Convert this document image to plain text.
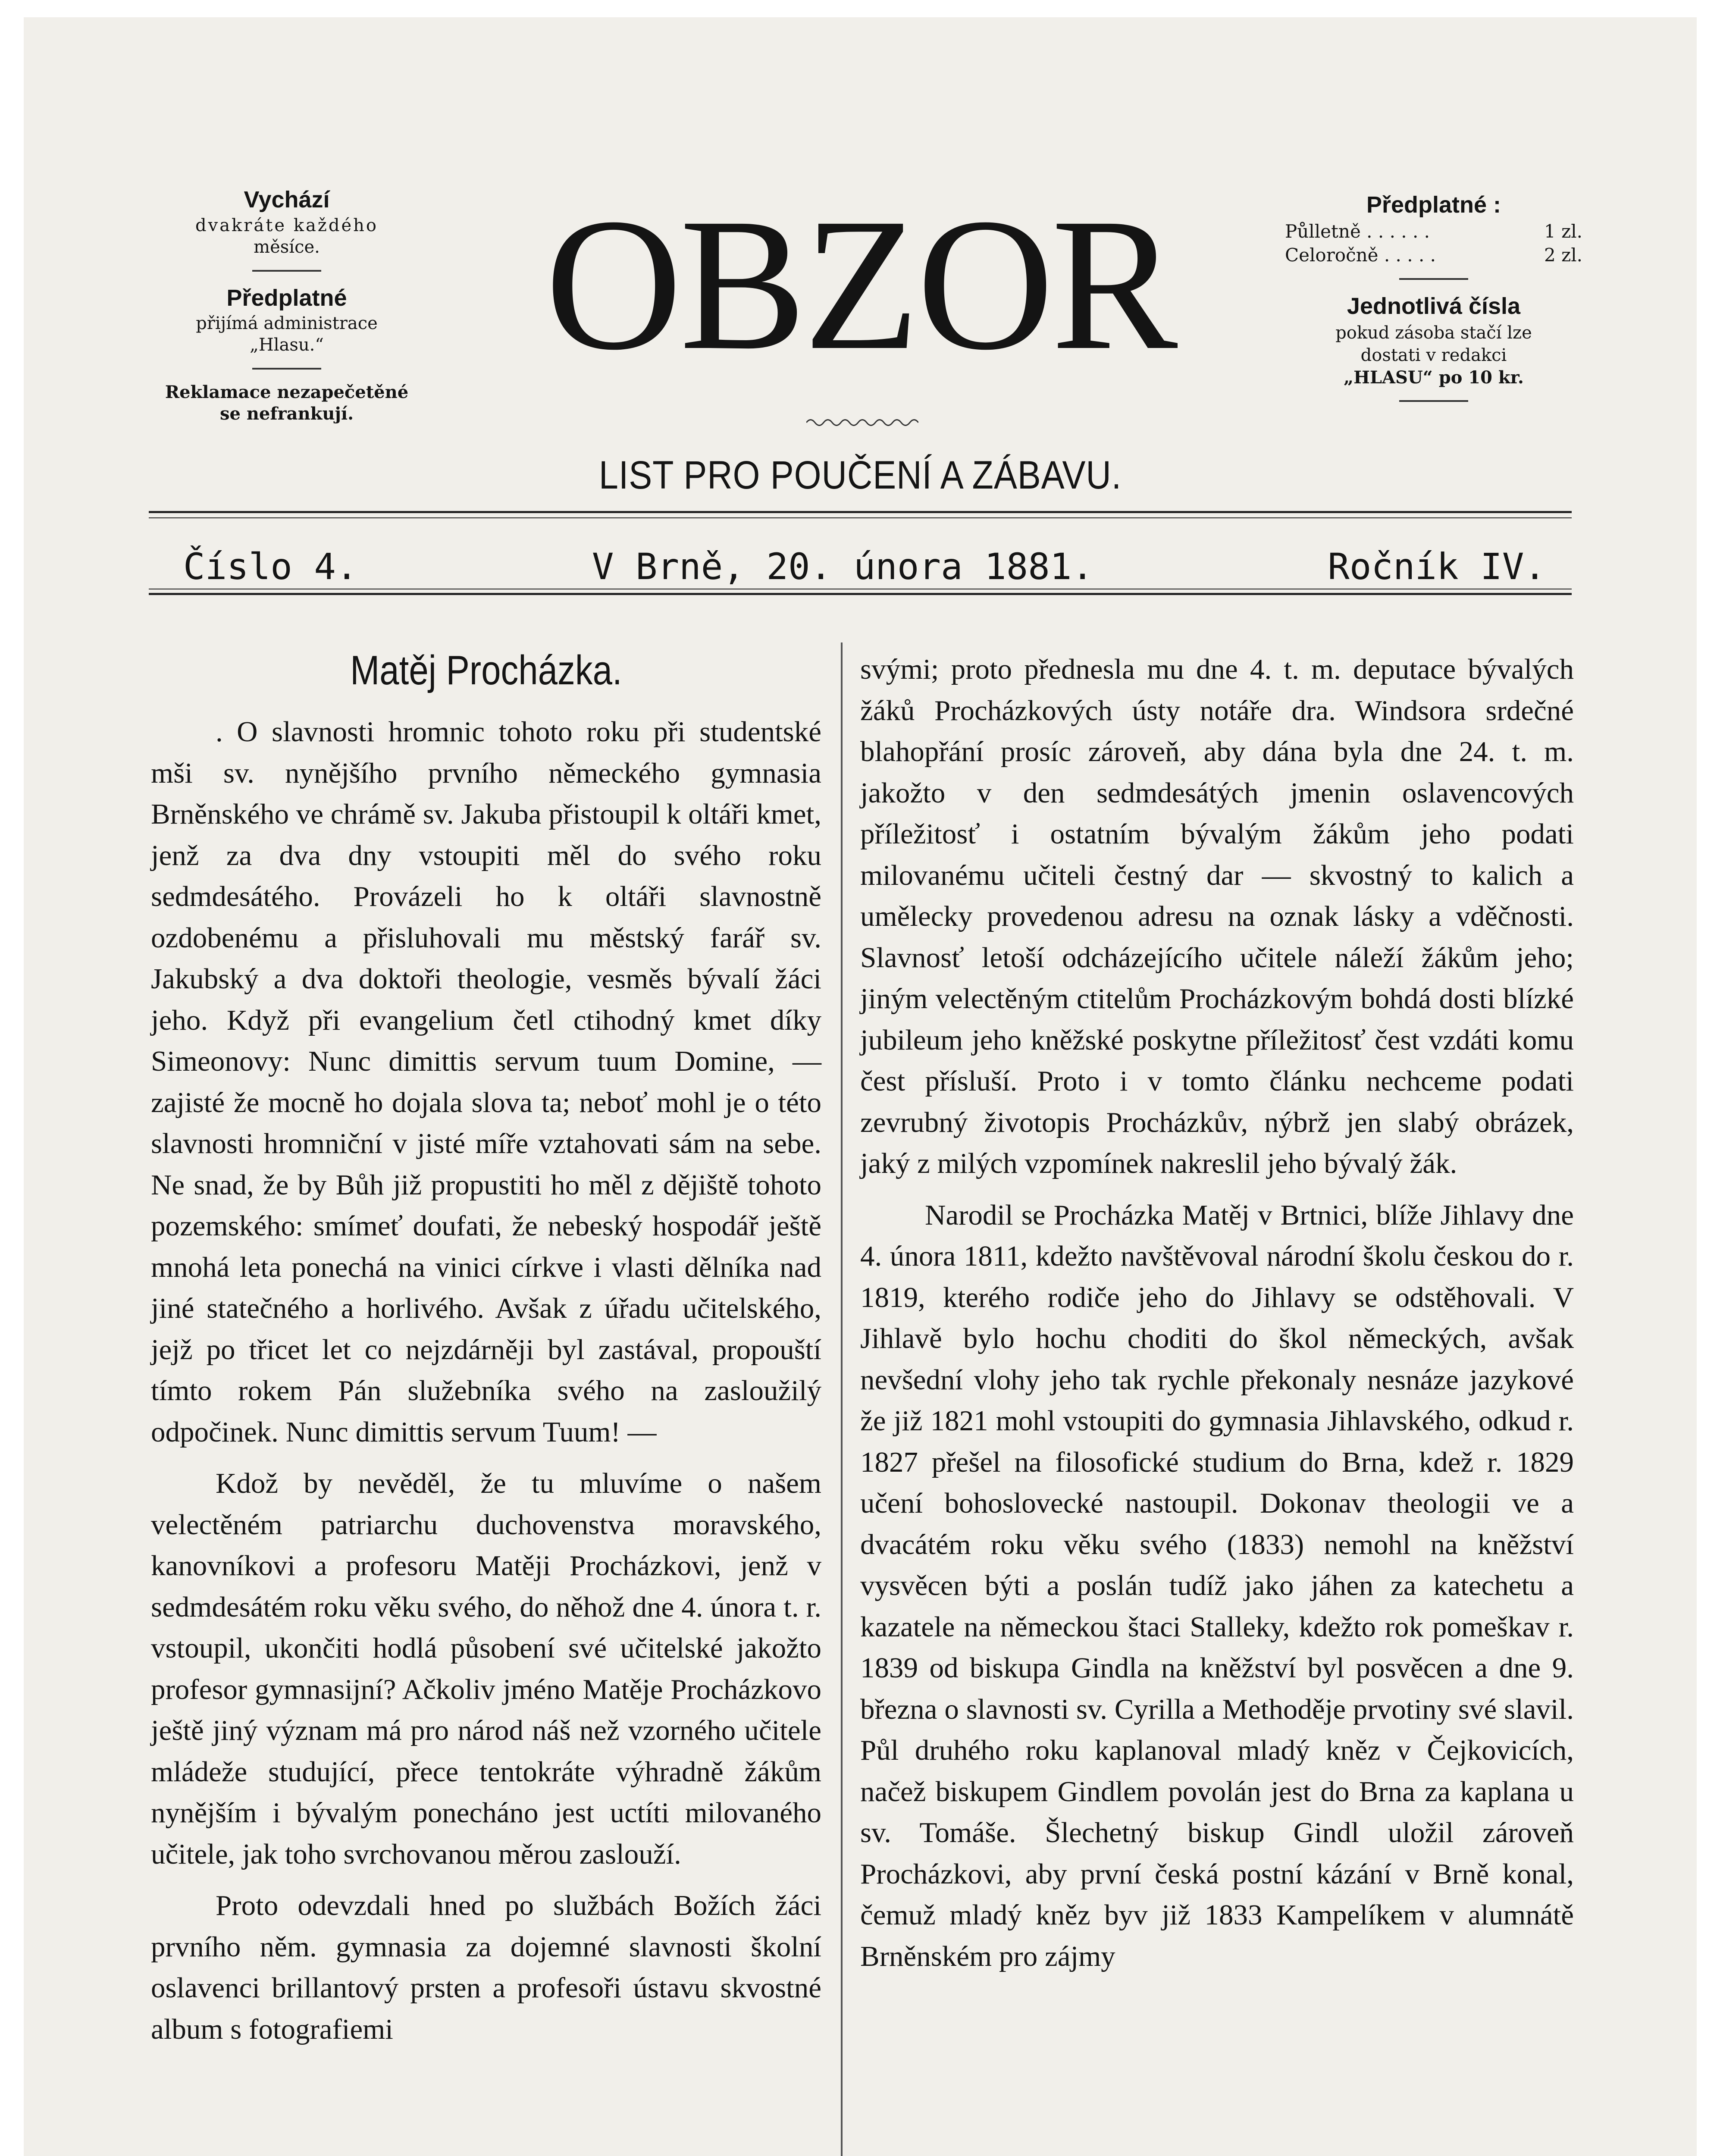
Vychází
dvakráte každého
měsíce.
Předplatné
přijímá administrace
„Hlasu.“
Reklamace nezapečetěné
se nefrankují.
OBZOR
LIST PRO POUČENÍ A ZÁBAVU.
Předplatné :
Půlletně . . . . . .	1 zl.
Celoročně . . . . .	2 zl.
Jednotlivá čísla
pokud zásoba stačí lze
dostati v redakci
„HLASU“ po 10 kr.
Číslo 4.	V Brně, 20. února 1881.	Ročník IV.
Matěj Procházka.

. O slavnosti hromnic tohoto roku při studentské mši sv. nynějšího prvního německého gymnasia Brněnského ve chrámě sv. Jakuba přistoupil k oltáři kmet, jenž za dva dny vstoupiti měl do svého roku sedmdesátého. Provázeli ho k oltáři slavnostně ozdobenému a přisluhovali mu městský farář sv. Jakubský a dva doktoři theologie, vesměs bývalí žáci jeho. Když při evangelium četl ctihodný kmet díky Simeonovy: Nunc dimittis servum tuum Domine, — zajisté že mocně ho dojala slova ta; neboť mohl je o této slavnosti hromniční v jisté míře vztahovati sám na sebe. Ne snad, že by Bůh již propustiti ho měl z dějiště tohoto pozemského: smímeť doufati, že nebeský hospodář ještě mnohá leta ponechá na vinici církve i vlasti dělníka nad jiné statečného a horlivého. Avšak z úřadu učitelského, jejž po třicet let co nejzdárněji byl zastával, propouští tímto rokem Pán služebníka svého na zasloužilý odpočinek. Nunc dimittis servum Tuum! —

Kdož by nevěděl, že tu mluvíme o našem velectěném patriarchu duchovenstva moravského, kanovníkovi a profesoru Matěji Procházkovi, jenž v sedmdesátém roku věku svého, do něhož dne 4. února t. r. vstoupil, ukončiti hodlá působení své učitelské jakožto profesor gymnasijní? Ačkoliv jméno Matěje Procházkovo ještě jiný význam má pro národ náš než vzorného učitele mládeže studující, přece tentokráte výhradně žákům nynějším i bývalým ponecháno jest uctíti milovaného učitele, jak toho svrchovanou měrou zaslouží.

Proto odevzdali hned po službách Božích žáci prvního něm. gymnasia za dojemné slavnosti školní oslavenci brillantový prsten a profesoři ústavu skvostné album s fotografiemi

svými; proto přednesla mu dne 4. t. m. deputace bývalých žáků Procházkových ústy notáře dra. Windsora srdečné blahopřání prosíc zároveň, aby dána byla dne 24. t. m. jakožto v den sedmdesátých jmenin oslavencových příležitosť i ostatním bývalým žákům jeho podati milovanému učiteli čestný dar — skvostný to kalich a umělecky provedenou adresu na oznak lásky a vděčnosti. Slavnosť letoší odcházejícího učitele náleží žákům jeho; jiným velectěným ctitelům Procházkovým bohdá dosti blízké jubileum jeho kněžské poskytne příležitosť čest vzdáti komu čest přísluší. Proto i v tomto článku nechceme podati zevrubný životopis Procházkův, nýbrž jen slabý obrázek, jaký z milých vzpomínek nakreslil jeho bývalý žák.

Narodil se Procházka Matěj v Brtnici, blíže Jihlavy dne 4. února 1811, kdežto navštěvoval národní školu českou do r. 1819, kterého rodiče jeho do Jihlavy se odstěhovali. V Jihlavě bylo hochu choditi do škol německých, avšak nevšední vlohy jeho tak rychle překonaly nesnáze jazykové že již 1821 mohl vstoupiti do gymnasia Jihlavského, odkud r. 1827 přešel na filosofické studium do Brna, kdež r. 1829 učení bohoslovecké nastoupil. Dokonav theologii ve a dvacátém roku věku svého (1833) nemohl na kněžství vysvěcen býti a poslán tudíž jako jáhen za katechetu a kazatele na německou štaci Stalleky, kdežto rok pomeškav r. 1839 od biskupa Gindla na kněžství byl posvěcen a dne 9. března o slavnosti sv. Cyrilla a Methoděje prvotiny své slavil. Půl druhého roku kaplanoval mladý kněz v Čejkovicích, načež biskupem Gindlem povolán jest do Brna za kaplana u sv. Tomáše. Šlechetný biskup Gindl uložil zároveň Procházkovi, aby první česká postní kázání v Brně konal, čemuž mladý kněz byv již 1833 Kampelíkem v alumnátě Brněnském pro zájmy
